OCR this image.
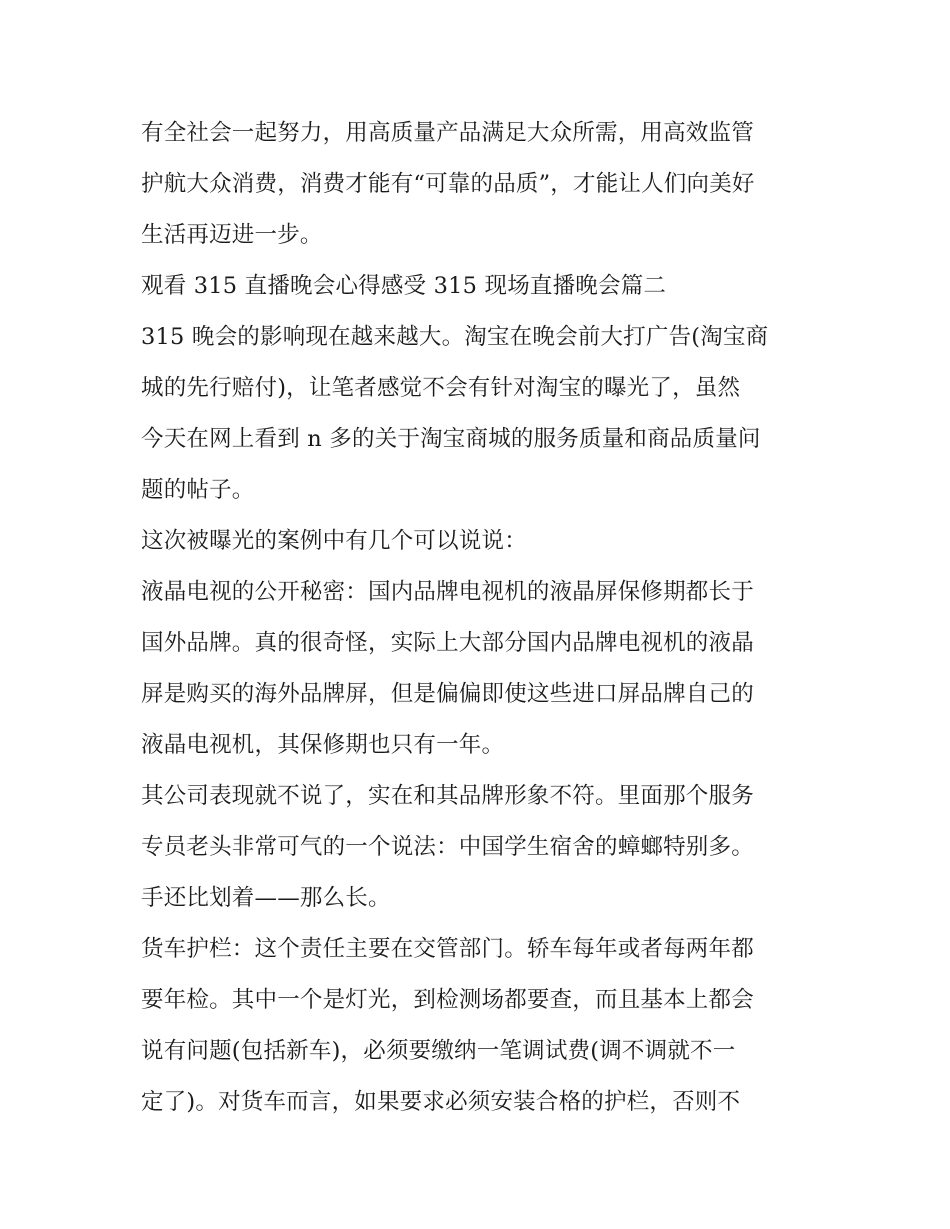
有全社会一起努力，用高质量产品满足大众所需，用高效监管
护航大众消费，消费才能有“可靠的品质”，才能让人们向美好
生活再迈进一步。
观看 315 直播晚会心得感受 315 现场直播晚会篇二
315 晚会的影响现在越来越大。淘宝在晚会前大打广告(淘宝商
城的先行赔付)，让笔者感觉不会有针对淘宝的曝光了，虽然
今天在网上看到 n 多的关于淘宝商城的服务质量和商品质量问
题的帖子。
这次被曝光的案例中有几个可以说说：
液晶电视的公开秘密：国内品牌电视机的液晶屏保修期都长于
国外品牌。真的很奇怪，实际上大部分国内品牌电视机的液晶
屏是购买的海外品牌屏，但是偏偏即使这些进口屏品牌自己的
液晶电视机，其保修期也只有一年。
其公司表现就不说了，实在和其品牌形象不符。里面那个服务
专员老头非常可气的一个说法：中国学生宿舍的蟑螂特别多。
手还比划着——那么长。
货车护栏：这个责任主要在交管部门。轿车每年或者每两年都
要年检。其中一个是灯光，到检测场都要查，而且基本上都会
说有问题(包括新车)，必须要缴纳一笔调试费(调不调就不一
定了)。对货车而言，如果要求必须安装合格的护栏，否则不
